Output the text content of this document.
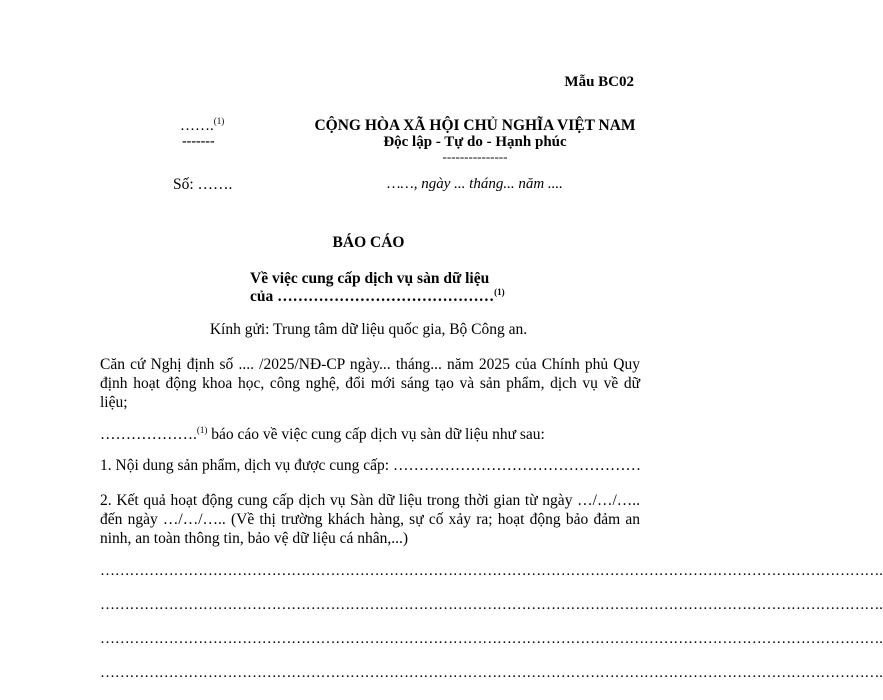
Mẫu BC02
…….$^{(1)}$
-------
Số: …….
CỘNG HÒA XÃ HỘI CHỦ NGHĨA VIỆT NAM
Độc lập - Tự do - Hạnh phúc
---------------
……, ngày ... tháng... năm ....
BÁO CÁO
Về việc cung cấp dịch vụ sàn dữ liệu
của ……………………………………$^{(1)}$
Kính gửi: Trung tâm dữ liệu quốc gia, Bộ Công an.
Căn cứ Nghị định số .... /2025/NĐ-CP ngày... tháng... năm 2025 của Chính phủ Quy định hoạt động khoa học, công nghệ, đổi mới sáng tạo và sản phẩm, dịch vụ về dữ liệu;
……………….$^{(1)}$ báo cáo về việc cung cấp dịch vụ sàn dữ liệu như sau:
1. Nội dung sản phẩm, dịch vụ được cung cấp: …………………………………………
2. Kết quả hoạt động cung cấp dịch vụ Sàn dữ liệu trong thời gian từ ngày …/…/….. đến ngày …/…/….. (Về thị trường khách hàng, sự cố xảy ra; hoạt động bảo đảm an ninh, an toàn thông tin, bảo vệ dữ liệu cá nhân,...)
…………………………………………………………………………………………………………………………………………….
…………………………………………………………………………………………………………………………………………….
…………………………………………………………………………………………………………………………………………….
…………………………………………………………………………………………………………………………………………….
